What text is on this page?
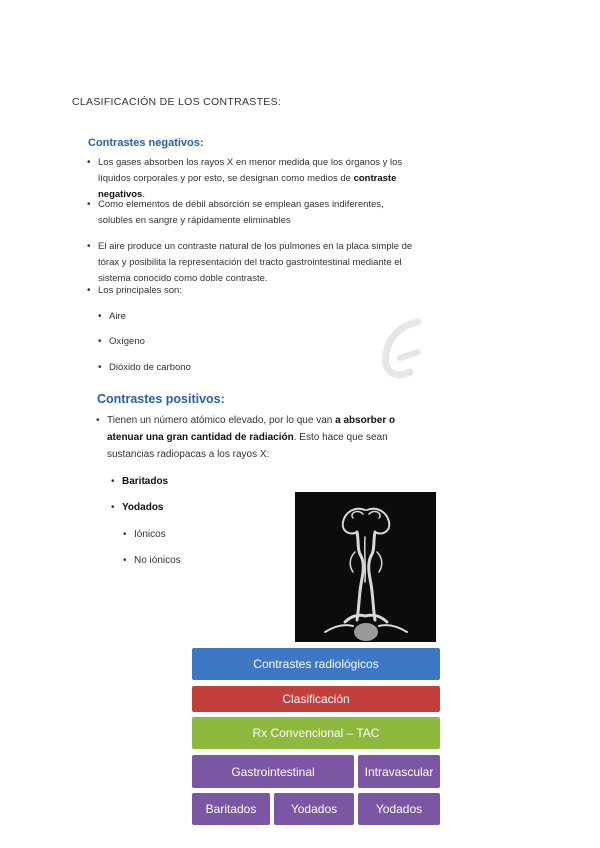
CLASIFICACIÓN DE LOS CONTRASTES:
Contrastes negativos:
• Los gases absorben los rayos X en menor medida que los órganos y los líquidos corporales y por esto, se designan como medios de contraste negativos.
• Como elementos de débil absorción se emplean gases indiferentes, solubles en sangre y rápidamente eliminables
• El aire produce un contraste natural de los pulmones en la placa simple de tórax y posibilita la representación del tracto gastrointestinal mediante el sistema conocido como doble contraste.
• Los principales son:
• Aire
• Oxígeno
• Dióxido de carbono
Contrastes positivos:
• Tienen un número atómico elevado, por lo que van a absorber o atenuar una gran cantidad de radiación. Esto hace que sean sustancias radiopacas a los rayos X:
• Baritados
• Yodados
• Iónicos
• No iónicos
Contrastes radiológicos
Clasificación
Rx Convencional – TAC
Gastrointestinal	Intravascular
Baritados	Yodados	Yodados
